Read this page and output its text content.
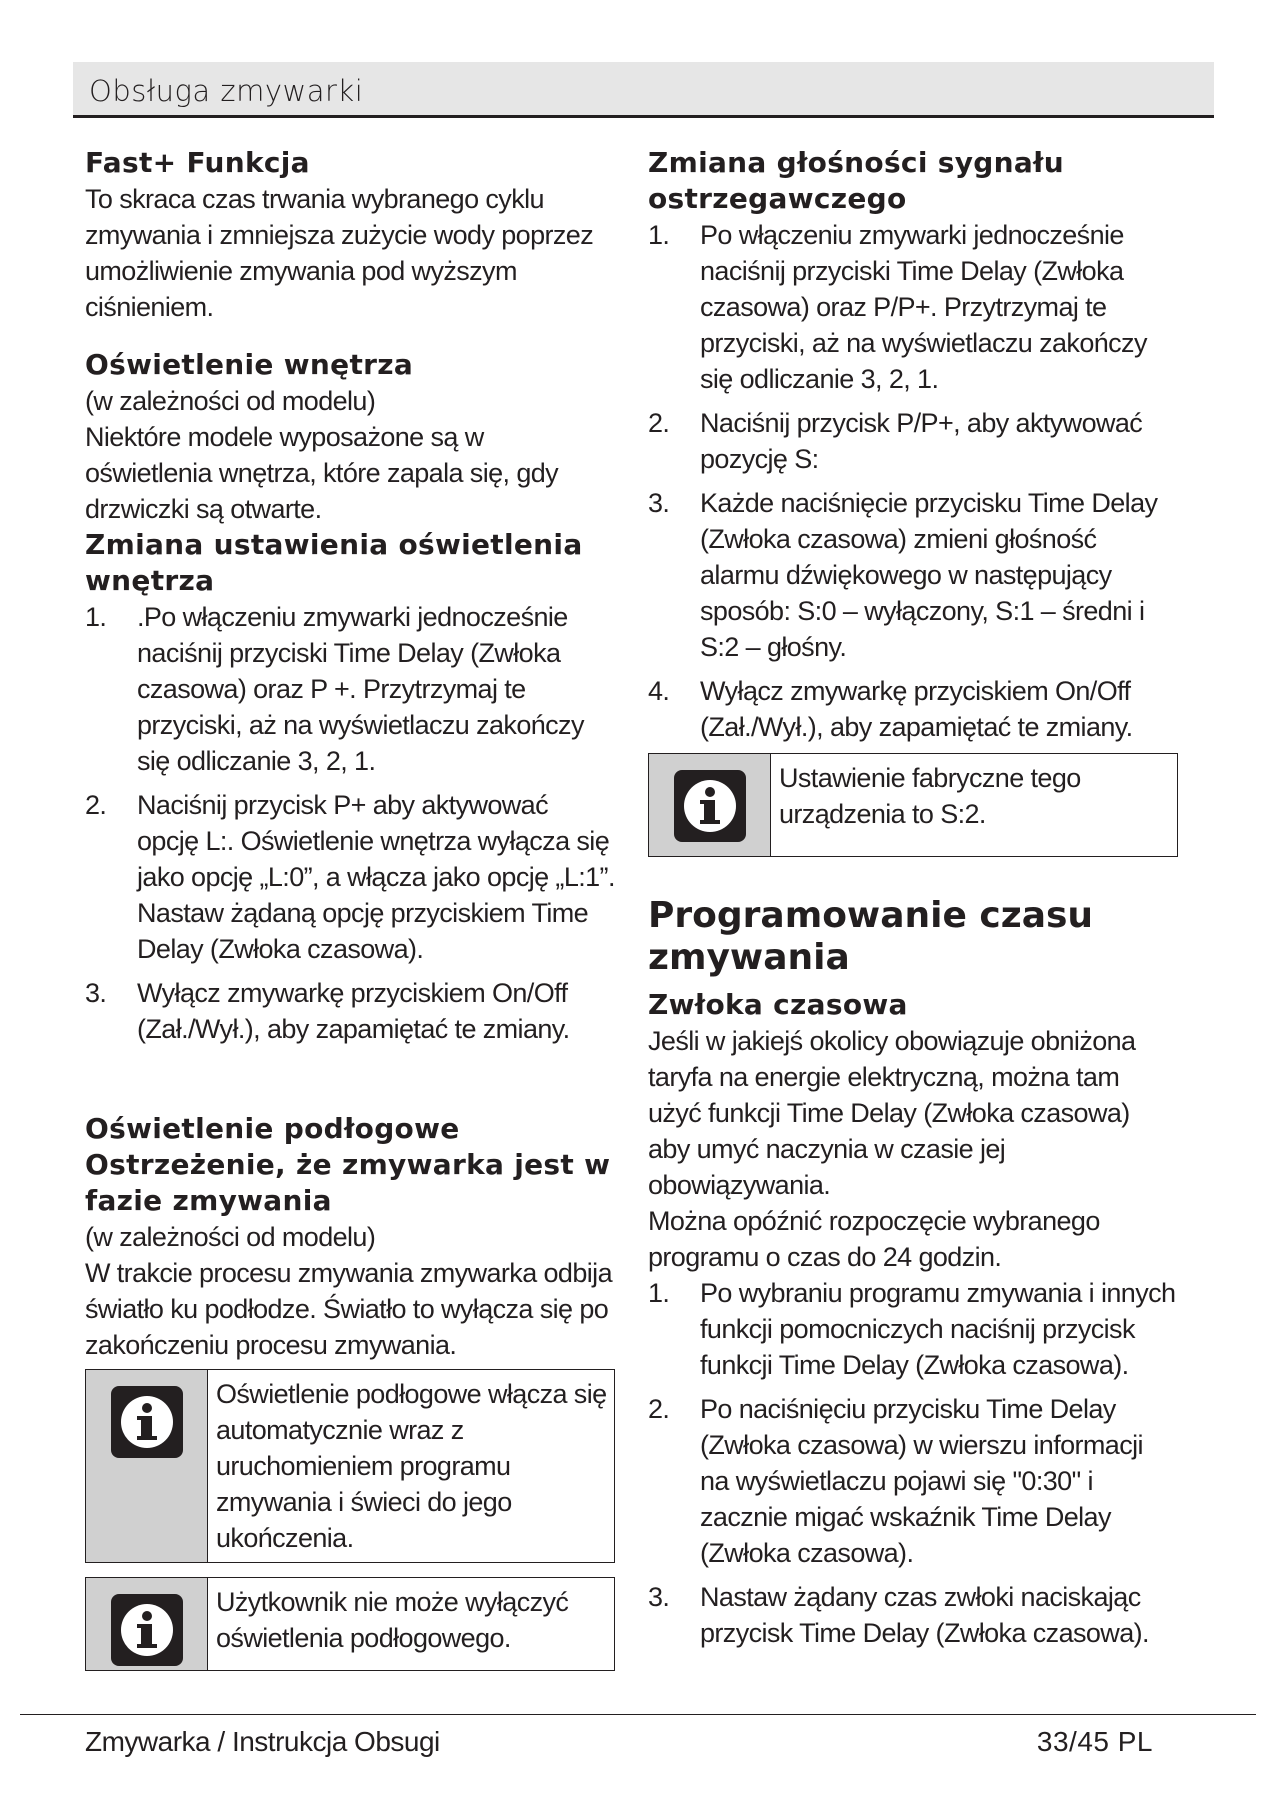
Obsługa zmywarki
Fast+ Funkcja

To skraca czas trwania wybranego cyklu zmywania i zmniejsza zużycie wody poprzez umożliwienie zmywania pod wyższym ciśnieniem.

Oświetlenie wnętrza

(w zależności od modelu)

Niektóre modele wyposażone są w oświetlenia wnętrza, które zapala się, gdy drzwiczki są otwarte.

Zmiana ustawienia oświetlenia wnętrza
1. .Po włączeniu zmywarki jednocześnie naciśnij przyciski Time Delay (Zwłoka czasowa) oraz P +. Przytrzymaj te przyciski, aż na wyświetlaczu zakończy się odliczanie 3, 2, 1.
2. Naciśnij przycisk P+ aby aktywować opcję L:. Oświetlenie wnętrza wyłącza się jako opcję „L:0”, a włącza jako opcję „L:1”. Nastaw żądaną opcję przyciskiem Time Delay (Zwłoka czasowa).
3. Wyłącz zmywarkę przyciskiem On/Off (Zał./Wył.), aby zapamiętać te zmiany.
Oświetlenie podłogowe Ostrzeżenie, że zmywarka jest w fazie zmywania

(w zależności od modelu)

W trakcie procesu zmywania zmywarka odbija światło ku podłodze. Światło to wyłącza się po zakończeniu procesu zmywania.

Oświetlenie podłogowe włącza się automatycznie wraz z uruchomieniem programu zmywania i świeci do jego ukończenia.

Użytkownik nie może wyłączyć oświetlenia podłogowego.

Zmiana głośności sygnału ostrzegawczego
1. Po włączeniu zmywarki jednocześnie naciśnij przyciski Time Delay (Zwłoka czasowa) oraz P/P+. Przytrzymaj te przyciski, aż na wyświetlaczu zakończy się odliczanie 3, 2, 1.
2. Naciśnij przycisk P/P+, aby aktywować pozycję S:
3. Każde naciśnięcie przycisku Time Delay (Zwłoka czasowa) zmieni głośność alarmu dźwiękowego w następujący sposób: S:0 – wyłączony, S:1 – średni i S:2 – głośny.
4. Wyłącz zmywarkę przyciskiem On/Off (Zał./Wył.), aby zapamiętać te zmiany.

Ustawienie fabryczne tego urządzenia to S:2.

Programowanie czasu zmywania
Zwłoka czasowa

Jeśli w jakiejś okolicy obowiązuje obniżona taryfa na energie elektryczną, można tam użyć funkcji Time Delay (Zwłoka czasowa) aby umyć naczynia w czasie jej obowiązywania.

Można opóźnić rozpoczęcie wybranego programu o czas do 24 godzin.

1. Po wybraniu programu zmywania i innych funkcji pomocniczych naciśnij przycisk funkcji Time Delay (Zwłoka czasowa).
2. Po naciśnięciu przycisku Time Delay (Zwłoka czasowa) w wierszu informacji na wyświetlaczu pojawi się "0:30" i zacznie migać wskaźnik Time Delay (Zwłoka czasowa).
3. Nastaw żądany czas zwłoki naciskając przycisk Time Delay (Zwłoka czasowa).
Zmywarka / Instrukcja Obsugi	33/45 PL
